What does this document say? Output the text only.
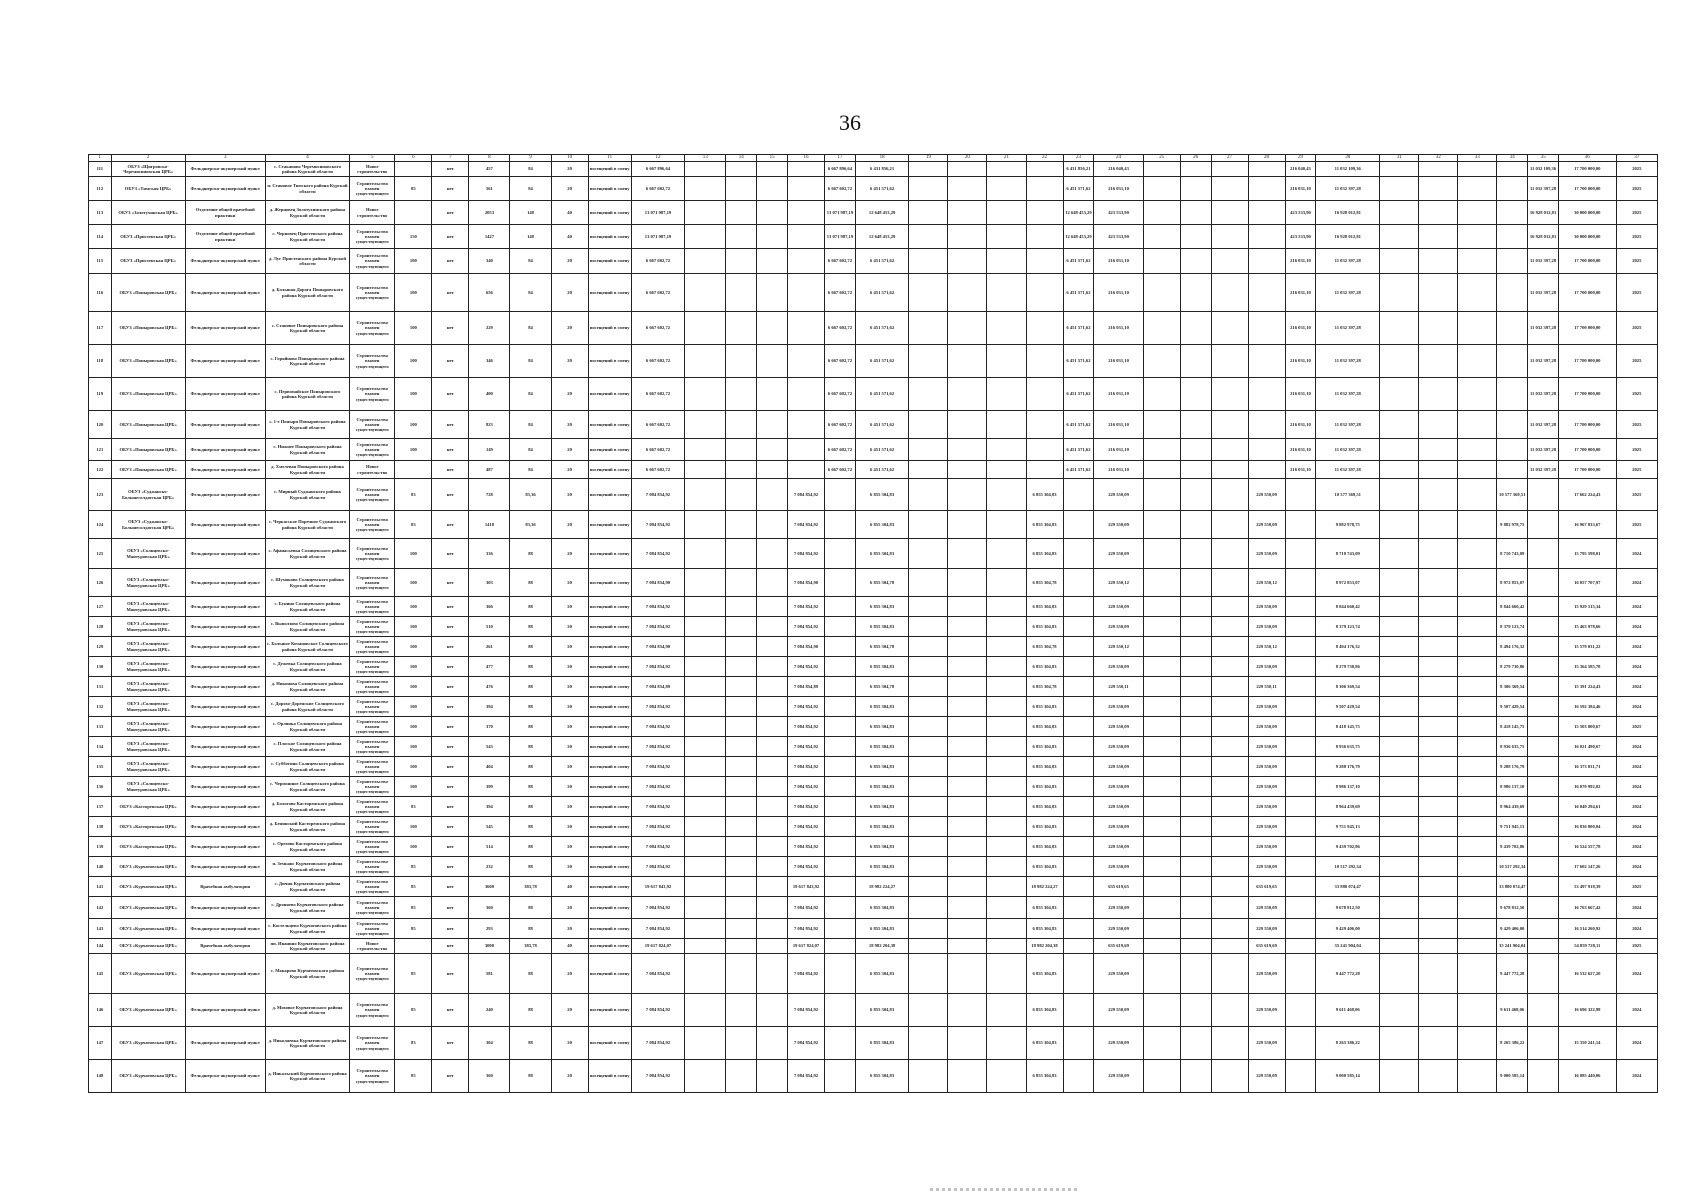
36
1	2	3	4	5	6	7	8	9	10	11	12	13	14	15	16	17	18	19	20	21	22	23	24	25	26	27	28	29	30	31	32	33	34	35	36	37
111	ОБУЗ «Щигровско-Черемисиновская ЦРБ»	Фельдшерско-акушерский пункт	с. Стаканово Черемисиновского района Курской области	Новое строительство		нет	457	84	20	посещений в смену	6 667 896,64					6 667 896,64	6 431 856,21					6 431 856,21	216 040,43					216 040,43	11 032 109,36					11 032 109,36	17 700 000,00	2025
112	ОБУЗ «Тимская ЦРБ»	Фельдшерско-акушерский пункт	п. Становое Тимского района Курской области	Строительство взамен существующего	85	нет	561	84	20	посещений в смену	6 667 602,72					6 667 602,72	6 451 571,62					6 451 571,62	216 031,10					216 031,10	11 032 397,28					11 032 397,28	17 700 000,00	2025
113	ОБУЗ «Золотухинская ЦРБ»	Отделение общей врачебной практики	д. Жерновец Золотухинского района Курской области	Новое строительство		нет	2053	148	40	посещений в смену	13 071 987,19					13 071 987,19	12 648 453,29					12 648 453,29	423 533,90					423 533,90	16 928 012,81					16 928 012,81	30 000 000,00	2025
114	ОБУЗ «Пристенская ЦРБ»	Отделение общей врачебной практики	с. Черновец Пристенского района Курской области	Строительство взамен существующего	150	нет	1427	148	40	посещений в смену	13 071 987,19					13 071 987,19	12 648 453,29					12 648 453,29	423 533,90					423 533,90	16 928 012,81					16 928 012,81	30 000 000,00	2025
115	ОБУЗ «Пристенская ЦРБ»	Фельдшерско-акушерский пункт	д. Луг Пристенского района Курской области	Строительство взамен существующего	100	нет	340	84	20	посещений в смену	6 667 602,72					6 667 602,72	6 451 571,62					6 451 571,62	216 031,10					216 031,10	11 032 397,28					11 032 397,28	17 700 000,00	2025
116	ОБУЗ «Поныровская ЦРБ»	Фельдшерско-акушерский пункт	д. Большая Дорога Поныровского района Курской области	Строительство взамен существующего	100	нет	656	84	20	посещений в смену	6 667 602,72					6 667 602,72	6 451 571,62					6 451 571,62	216 031,10					216 031,10	11 032 397,28					11 032 397,28	17 700 000,00	2025
117	ОБУЗ «Поныровская ЦРБ»	Фельдшерско-акушерский пункт	с. Становое Поныровского района Курской области	Строительство взамен существующего	100	нет	229	84	20	посещений в смену	6 667 602,72					6 667 602,72	6 451 571,62					6 451 571,62	216 031,10					216 031,10	11 032 397,28					11 032 397,28	17 700 000,00	2025
118	ОБУЗ «Поныровская ЦРБ»	Фельдшерско-акушерский пункт	с. Горяйново Поныровского района Курской области	Строительство взамен существующего	100	нет	346	84	20	посещений в смену	6 667 602,72					6 667 602,72	6 451 571,62					6 451 571,62	216 031,10					216 031,10	11 032 397,28					11 032 397,28	17 700 000,00	2025
119	ОБУЗ «Поныровская ЦРБ»	Фельдшерско-акушерский пункт	с. Первомайское Поныровского района Курской области	Строительство взамен существующего	100	нет	400	84	20	посещений в смену	6 667 602,72					6 667 602,72	6 451 571,62					6 451 571,62	216 031,10					216 031,10	11 032 397,28					11 032 397,28	17 700 000,00	2025
120	ОБУЗ «Поныровская ЦРБ»	Фельдшерско-акушерский пункт	с. 1-е Поныри Поныровского района Курской области	Строительство взамен существующего	100	нет	823	84	20	посещений в смену	6 667 602,72					6 667 602,72	6 451 571,62					6 451 571,62	216 031,10					216 031,10	11 032 397,28					11 032 397,28	17 700 000,00	2025
121	ОБУЗ «Поныровская ЦРБ»	Фельдшерско-акушерский пункт	с. Нижнее Поныровского района Курской области	Строительство взамен существующего	100	нет	149	84	20	посещений в смену	6 667 602,72					6 667 602,72	6 451 571,62					6 451 571,62	216 031,10					216 031,10	11 032 397,28					11 032 397,28	17 700 000,00	2025
122	ОБУЗ «Поныровская ЦРБ»	Фельдшерско-акушерский пункт	д. Хмелевая Поныровского района Курской области	Новое строительство		нет	487	84	20	посещений в смену	6 667 602,72					6 667 602,72	6 451 571,62					6 451 571,62	216 031,10					216 031,10	11 032 397,28					11 032 397,28	17 700 000,00	2025
123	ОБУЗ «Суджанско-Большесолдатская ЦРБ»	Фельдшерско-акушерский пункт	с. Мирный Суджанского района Курской области	Строительство взамен существующего	83	нет	728	83,36	20	посещений в смену	7 084 854,92				7 084 854,92		6 855 304,83				6 855 304,83		229 550,09				229 550,09		10 577 369,51				10 577 369,51		17 662 224,43	2025
124	ОБУЗ «Суджанско-Большесолдатская ЦРБ»	Фельдшерско-акушерский пункт	с. Черкасское Поречное Суджанского района Курской области	Строительство взамен существующего	83	нет	1418	83,36	20	посещений в смену	7 084 854,92				7 084 854,92		6 855 304,83				6 855 304,83		229 550,09				229 550,09		9 882 978,75				9 882 978,75		16 967 833,67	2025
125	ОБУЗ «Солнцевско-Мантуровская ЦРБ»	Фельдшерско-акушерский пункт	с. Афанасьевка Солнцевского района Курской области	Строительство взамен существующего	100	нет	336	88	20	посещений в смену	7 084 854,92				7 084 854,92		6 855 304,83				6 855 304,83		229 550,09				229 550,09		8 710 743,09				8 710 743,09		15 795 598,01	2024
126	ОБУЗ «Солнцевско-Мантуровская ЦРБ»	Фельдшерско-акушерский пункт	с. Шумаково Солнцевского района Курской области	Строительство взамен существующего	100	нет	303	88	20	посещений в смену	7 084 854,90				7 084 854,90		6 855 304,78				6 855 304,78		229 550,12				229 550,12		8 972 853,07				8 972 853,07		16 057 707,97	2024
127	ОБУЗ «Солнцевско-Мантуровская ЦРБ»	Фельдшерско-акушерский пункт	с. Бунино Солнцевского района Курской области	Строительство взамен существующего	100	нет	366	88	20	посещений в смену	7 084 854,92				7 084 854,92		6 855 304,83				6 855 304,83		229 550,09				229 550,09		8 844 660,42				8 844 660,42		15 929 515,34	2024
128	ОБУЗ «Солнцевско-Мантуровская ЦРБ»	Фельдшерско-акушерский пункт	с. Выползово Солнцевского района Курской области	Строительство взамен существующего	100	нет	510	88	20	посещений в смену	7 084 854,92				7 084 854,92		6 855 304,83				6 855 304,83		229 550,09				229 550,09		8 379 123,74				8 379 123,74		15 463 978,66	2024
129	ОБУЗ «Солнцевско-Мантуровская ЦРБ»	Фельдшерско-акушерский пункт	с. Большое Кочановское Солнцевского района Курской области	Строительство взамен существующего	100	нет	261	88	20	посещений в смену	7 084 854,90				7 084 854,90		6 855 304,78				6 855 304,78		229 550,12				229 550,12		8 494 176,32				8 494 176,32		15 579 031,22	2024
130	ОБУЗ «Солнцевско-Мантуровская ЦРБ»	Фельдшерско-акушерский пункт	с. Дежевка Солнцевского района Курской области	Строительство взамен существующего	100	нет	477	88	20	посещений в смену	7 084 854,92				7 084 854,92		6 855 304,83				6 855 304,83		229 550,09				229 550,09		8 279 730,86				8 279 730,86		15 364 585,78	2024
131	ОБУЗ «Солнцевско-Мантуровская ЦРБ»	Фельдшерско-акушерский пункт	д. Никонова Солнцевского района Курской области	Строительство взамен существующего	100	нет	476	88	20	посещений в смену	7 084 854,89				7 084 854,89		6 855 304,78				6 855 304,78		229 550,11				229 550,11		8 306 369,54				8 306 369,54		15 391 224,43	2024
132	ОБУЗ «Солнцевско-Мантуровская ЦРБ»	Фельдшерско-акушерский пункт	с. Дорохо-Доренские Солнцевского района Курской области	Строительство взамен существующего	100	нет	394	88	20	посещений в смену	7 084 854,92				7 084 854,92		6 855 304,83				6 855 304,83		229 550,09				229 550,09		9 507 429,54				9 507 429,54		16 592 384,46	2024
133	ОБУЗ «Солнцевско-Мантуровская ЦРБ»	Фельдшерско-акушерский пункт	с. Орлянка Солнцевского района Курской области	Строительство взамен существующего	100	нет	370	88	20	посещений в смену	7 084 854,92				7 084 854,92		6 855 304,83				6 855 304,83		229 550,09				229 550,09		8 418 145,75				8 418 145,75		15 503 000,67	2025
134	ОБУЗ «Солнцевско-Мантуровская ЦРБ»	Фельдшерско-акушерский пункт	с. Плоское Солнцевского района Курской области	Строительство взамен существующего	100	нет	543	88	20	посещений в смену	7 084 854,92				7 084 854,92		6 855 304,83				6 855 304,83		229 550,09				229 550,09		8 936 635,75				8 936 635,75		16 021 490,67	2024
135	ОБУЗ «Солнцевско-Мантуровская ЦРБ»	Фельдшерско-акушерский пункт	с. Субботино Солнцевского района Курской области	Строительство взамен существующего	100	нет	404	88	20	посещений в смену	7 084 854,92				7 084 854,92		6 855 304,83				6 855 304,83		229 550,09				229 550,09		9 288 176,79				9 288 176,79		16 373 031,71	2024
136	ОБУЗ «Солнцевско-Мантуровская ЦРБ»	Фельдшерско-акушерский пункт	с. Чермошное Солнцевского района Курской области	Строительство взамен существующего	100	нет	399	88	20	посещений в смену	7 084 854,92				7 084 854,92		6 855 304,83				6 855 304,83		229 550,09				229 550,09		8 986 137,10				8 986 137,10		16 070 992,02	2024
137	ОБУЗ «Касторенская ЦРБ»	Фельдшерско-акушерский пункт	д. Бологово Касторенского района Курской области	Строительство взамен существующего	83	нет	394	88	20	посещений в смену	7 084 854,92				7 084 854,92		6 855 304,83				6 855 304,83		229 550,09				229 550,09		8 964 439,69				8 964 439,69		16 049 294,61	2024
138	ОБУЗ «Касторенская ЦРБ»	Фельдшерско-акушерский пункт	д. Бенинский Касторенского района Курской области	Строительство взамен существующего	100	нет	545	88	20	посещений в смену	7 084 854,92				7 084 854,92		6 855 304,83				6 855 304,83		229 550,09				229 550,09		9 751 945,13				9 751 945,13		16 836 800,04	2024
139	ОБУЗ «Касторенская ЦРБ»	Фельдшерско-акушерский пункт	с. Орехово Касторенского района Курской области	Строительство взамен существующего	100	нет	514	88	20	посещений в смену	7 084 854,92				7 084 854,92		6 855 304,83				6 855 304,83		229 550,09				229 550,09		9 439 702,86				9 439 702,86		16 524 557,78	2024
140	ОБУЗ «Курчатовская ЦРБ»	Фельдшерско-акушерский пункт	п. Земьянс Курчатовского района Курской области	Строительство взамен существующего	85	нет	232	88	20	посещений в смену	7 084 854,92				7 084 854,92		6 855 304,83				6 855 304,83		229 550,09				229 550,09		10 517 292,34				10 517 292,34		17 602 147,26	2024
141	ОБУЗ «Курчатовская ЦРБ»	Врачебная амбулатория	с. Дичня Курчатовского района Курской области	Строительство взамен существующего	85	нет	3600	383,78	40	посещений в смену	19 617 843,92				19 617 843,92		18 982 224,27				18 982 224,27		635 619,65				635 619,65		33 880 074,47				33 880 074,47		53 497 918,39	2025
142	ОБУЗ «Курчатовская ЦРБ»	Фельдшерско-акушерский пункт	с. Дроняево Курчатовского района Курской области	Строительство взамен существующего	85	нет	360	88	20	посещений в смену	7 084 854,92				7 084 854,92		6 855 304,83				6 855 304,83		229 550,09				229 550,09		9 678 812,50				9 678 812,50		16 763 667,42	2024
143	ОБУЗ «Курчатовская ЦРБ»	Фельдшерско-акушерский пункт	с. Костельцево Курчатовского района Курской области	Строительство взамен существующего	85	нет	293	88	20	посещений в смену	7 084 854,92				7 084 854,92		6 855 304,83				6 855 304,83		229 550,09				229 550,09		9 429 406,00				9 429 406,00		16 514 260,92	2024
144	ОБУЗ «Курчатовская ЦРБ»	Врачебная амбулатория	пп. Иванино Курчатовского района Курской области	Новое строительство		нет	3000	383,78	40	посещений в смену	19 617 824,07				19 617 824,07		18 982 204,38				18 982 204,38		635 619,69				635 619,69		35 241 904,04				35 241 904,04		54 859 728,11	2025
145	ОБУЗ «Курчатовская ЦРБ»	Фельдшерско-акушерский пункт	с. Макарово Курчатовского района Курской области	Строительство взамен существующего	85	нет	581	88	20	посещений в смену	7 084 854,92				7 084 854,92		6 855 304,83				6 855 304,83		229 550,09				229 550,09		9 447 772,28				9 447 772,28		16 532 627,20	2024
146	ОБУЗ «Курчатовская ЦРБ»	Фельдшерско-акушерский пункт	д. Моховое Курчатовского района Курской области	Строительство взамен существующего	85	нет	240	88	20	посещений в смену	7 084 854,92				7 084 854,92		6 855 304,83				6 855 304,83		229 550,09				229 550,09		9 611 468,06				9 611 468,06		16 696 322,98	2024
147	ОБУЗ «Курчатовская ЦРБ»	Фельдшерско-акушерский пункт	д. Николаевка Курчатовского района Курской области	Строительство взамен существующего	83	нет	304	88	20	посещений в смену	7 084 854,92				7 084 854,92		6 855 304,83				6 855 304,83		229 550,09				229 550,09		8 265 386,22				8 265 386,22		15 350 241,14	2024
148	ОБУЗ «Курчатовская ЦРБ»	Фельдшерско-акушерский пункт	д. Никольский Курчатовского района Курской области	Строительство взамен существующего	85	нет	360	88	20	посещений в смену	7 084 854,92				7 084 854,92		6 855 304,83				6 855 304,83		229 550,09				229 550,09		9 000 585,14				9 000 585,14		16 085 440,06	2024
